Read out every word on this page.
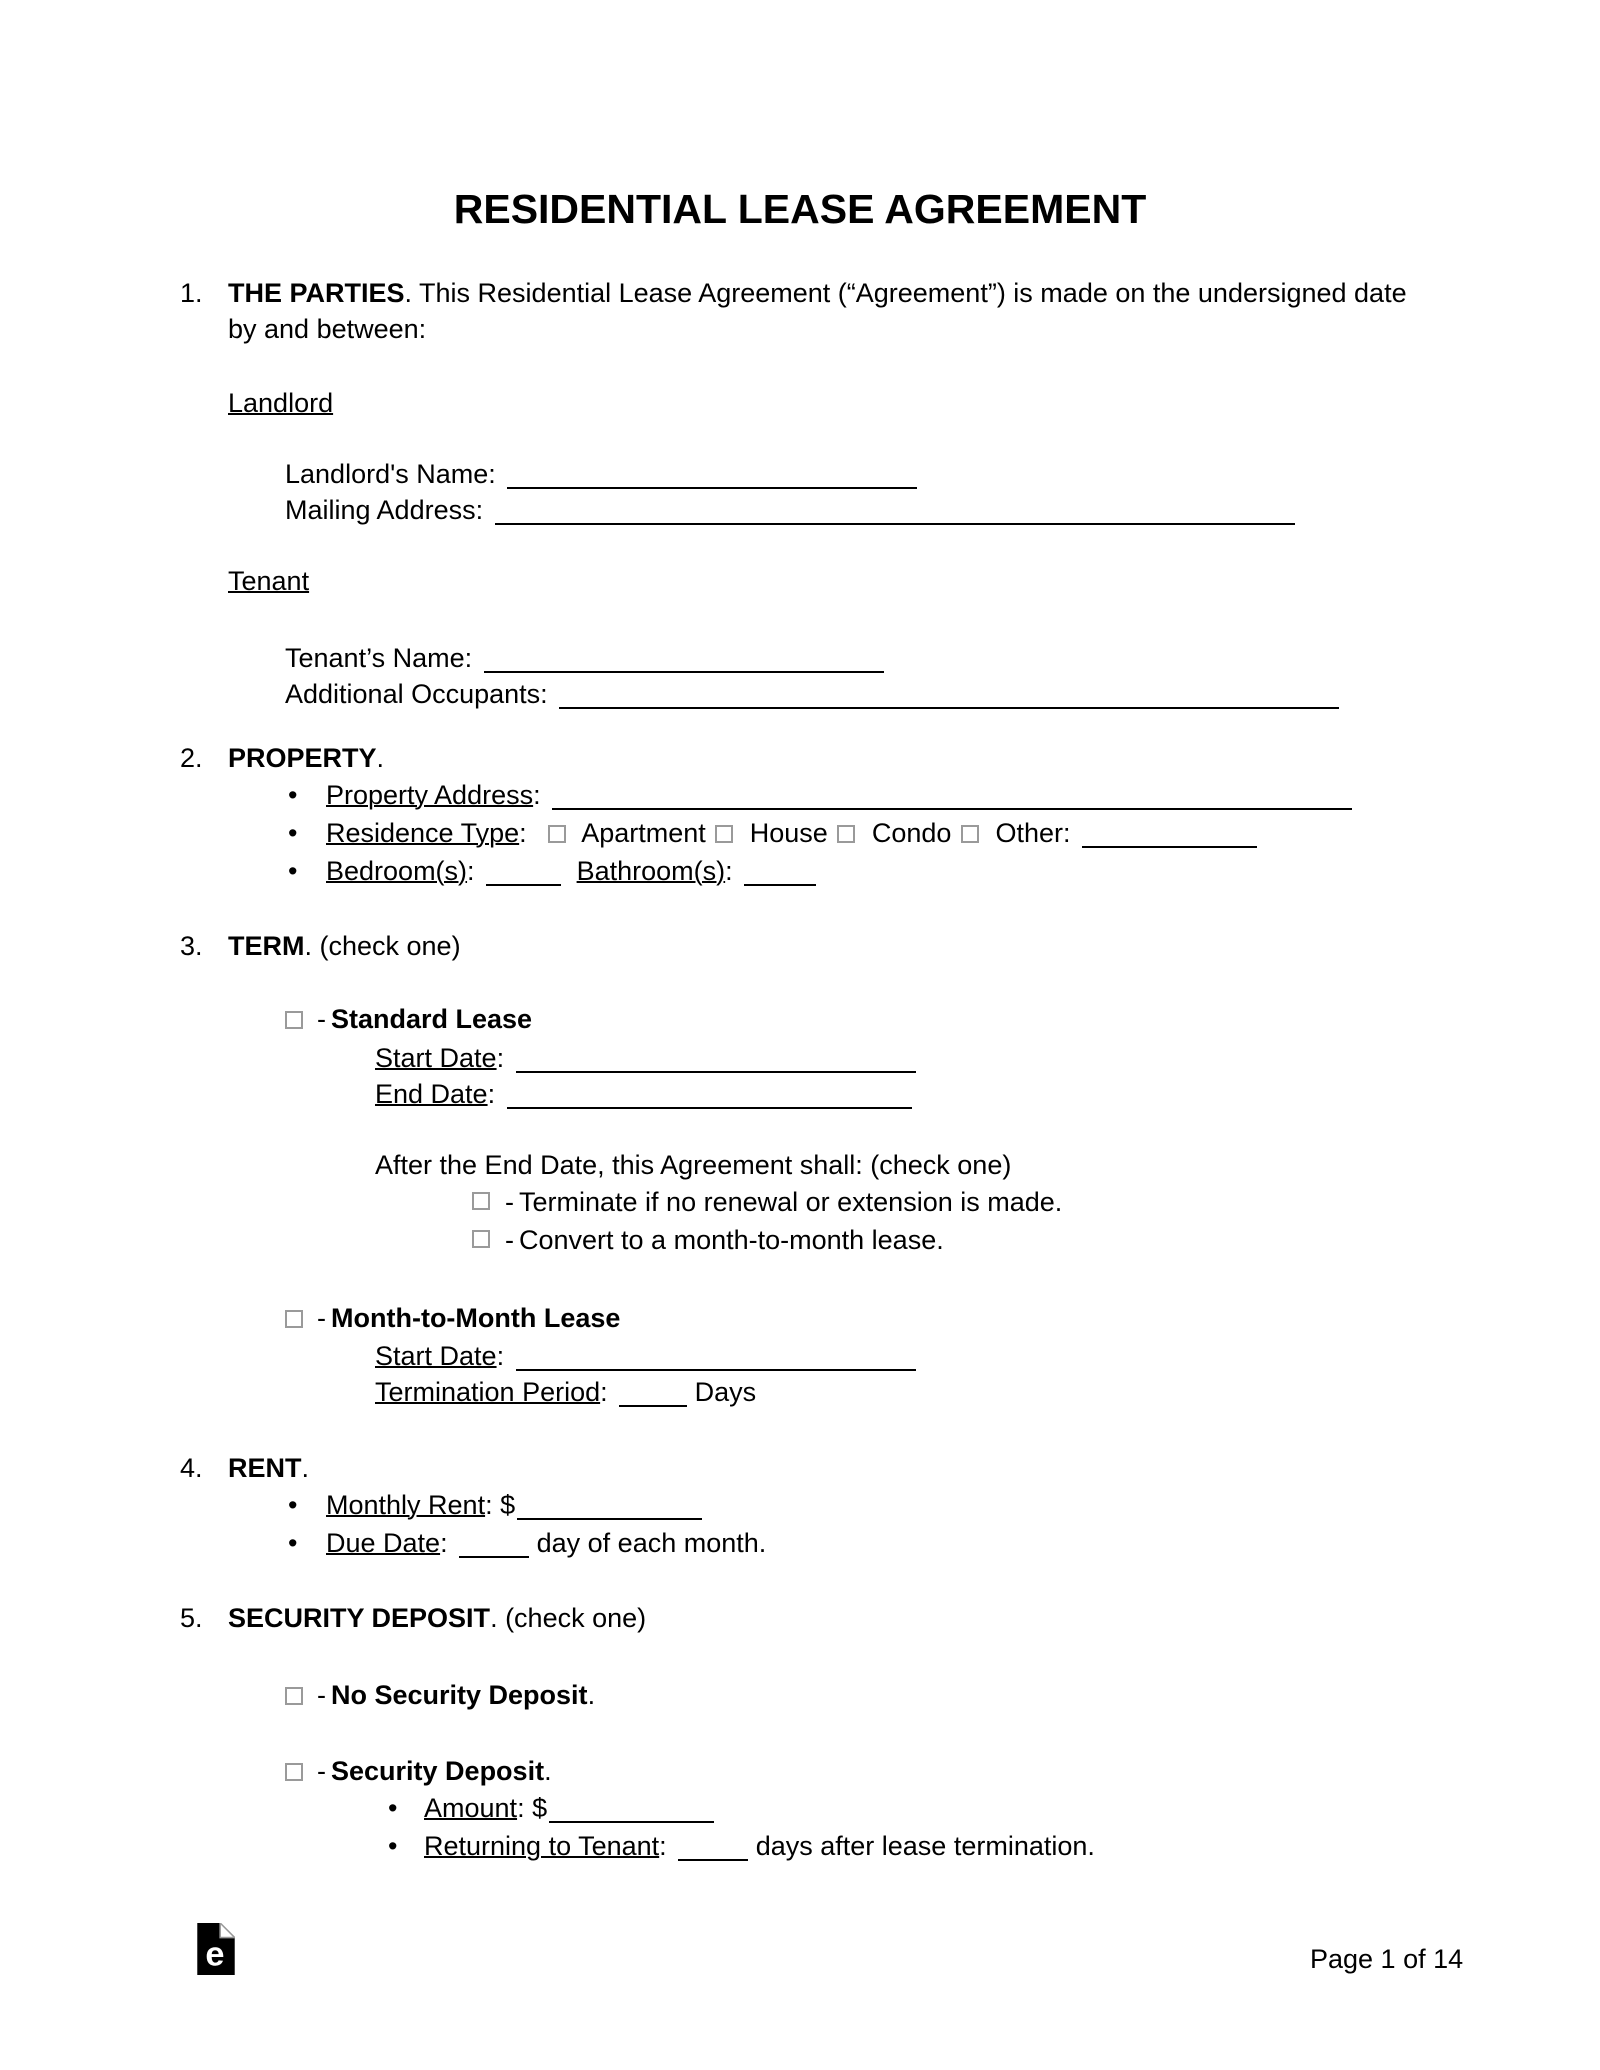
RESIDENTIAL LEASE AGREEMENT
1. THE PARTIES. This Residential Lease Agreement (“Agreement”) is made on the undersigned date by and between:
Landlord
Landlord's Name:
Mailing Address:
Tenant
Tenant’s Name:
Additional Occupants:
2. PROPERTY.
• Property Address:
• Residence Type: Apartment House Condo Other:
• Bedroom(s):	Bathroom(s):
3. TERM. (check one)
- Standard Lease
Start Date:
End Date:
After the End Date, this Agreement shall: (check one)
- Terminate if no renewal or extension is made.
- Convert to a month-to-month lease.
- Month-to-Month Lease
Start Date:
Termination Period:	Days
4. RENT.
• Monthly Rent: $
• Due Date:	day of each month.
5. SECURITY DEPOSIT. (check one)
- No Security Deposit.
- Security Deposit.
• Amount: $
• Returning to Tenant:	days after lease termination.
e	Page 1 of 14
